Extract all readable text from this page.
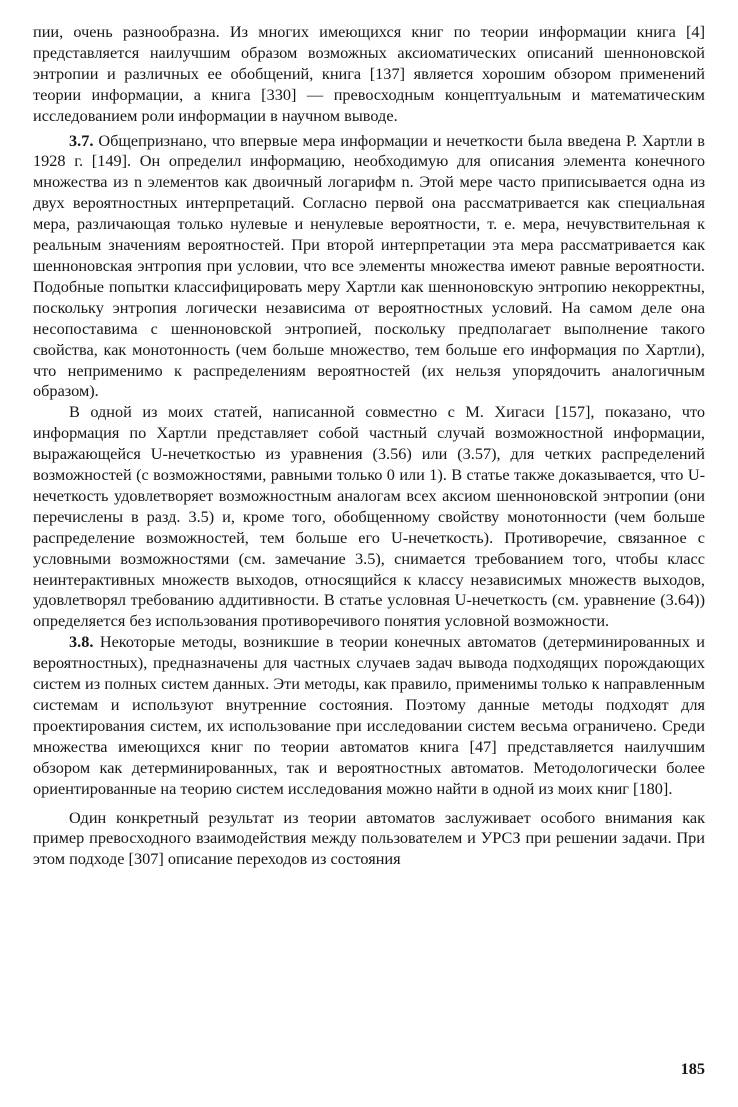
пии, очень разнообразна. Из многих имеющихся книг по теории информации книга [4] представляется наилучшим образом возможных аксиоматических описаний шенноновской энтропии и различных ее обобщений, книга [137] является хорошим обзором применений теории информации, а книга [330] — превосходным концептуальным и математическим исследованием роли информации в научном выводе.

3.7. Общепризнано, что впервые мера информации и нечеткости была введена Р. Хартли в 1928 г. [149]. Он определил информацию, необходимую для описания элемента конечного множества из n элементов как двоичный логарифм n. Этой мере часто приписывается одна из двух вероятностных интерпретаций. Согласно первой она рассматривается как специальная мера, различающая только нулевые и ненулевые вероятности, т. е. мера, нечувствительная к реальным значениям вероятностей. При второй интерпретации эта мера рассматривается как шенноновская энтропия при условии, что все элементы множества имеют равные вероятности. Подобные попытки классифицировать меру Хартли как шенноновскую энтропию некорректны, поскольку энтропия логически независима от вероятностных условий. На самом деле она несопоставима с шенноновской энтропией, поскольку предполагает выполнение такого свойства, как монотонность (чем больше множество, тем больше его информация по Хартли), что неприменимо к распределениям вероятностей (их нельзя упорядочить аналогичным образом).

В одной из моих статей, написанной совместно с М. Хигаси [157], показано, что информация по Хартли представляет собой частный случай возможностной информации, выражающейся U-нечеткостью из уравнения (3.56) или (3.57), для четких распределений возможностей (с возможностями, равными только 0 или 1). В статье также доказывается, что U-нечеткость удовлетворяет возможностным аналогам всех аксиом шенноновской энтропии (они перечислены в разд. 3.5) и, кроме того, обобщенному свойству монотонности (чем больше распределение возможностей, тем больше его U-нечеткость). Противоречие, связанное с условными возможностями (см. замечание 3.5), снимается требованием того, чтобы класс неинтерактивных множеств выходов, относящийся к классу независимых множеств выходов, удовлетворял требованию аддитивности. В статье условная U-нечеткость (см. уравнение (3.64)) определяется без использования противоречивого понятия условной возможности.

3.8. Некоторые методы, возникшие в теории конечных автоматов (детерминированных и вероятностных), предназначены для частных случаев задач вывода подходящих порождающих систем из полных систем данных. Эти методы, как правило, применимы только к направленным системам и используют внутренние состояния. Поэтому данные методы подходят для проектирования систем, их использование при исследовании систем весьма ограничено. Среди множества имеющихся книг по теории автоматов книга [47] представляется наилучшим обзором как детерминированных, так и вероятностных автоматов. Методологически более ориентированные на теорию систем исследования можно найти в одной из моих книг [180].

Один конкретный результат из теории автоматов заслуживает особого внимания как пример превосходного взаимодействия между пользователем и УРСЗ при решении задачи. При этом подходе [307] описание переходов из состояния

185
